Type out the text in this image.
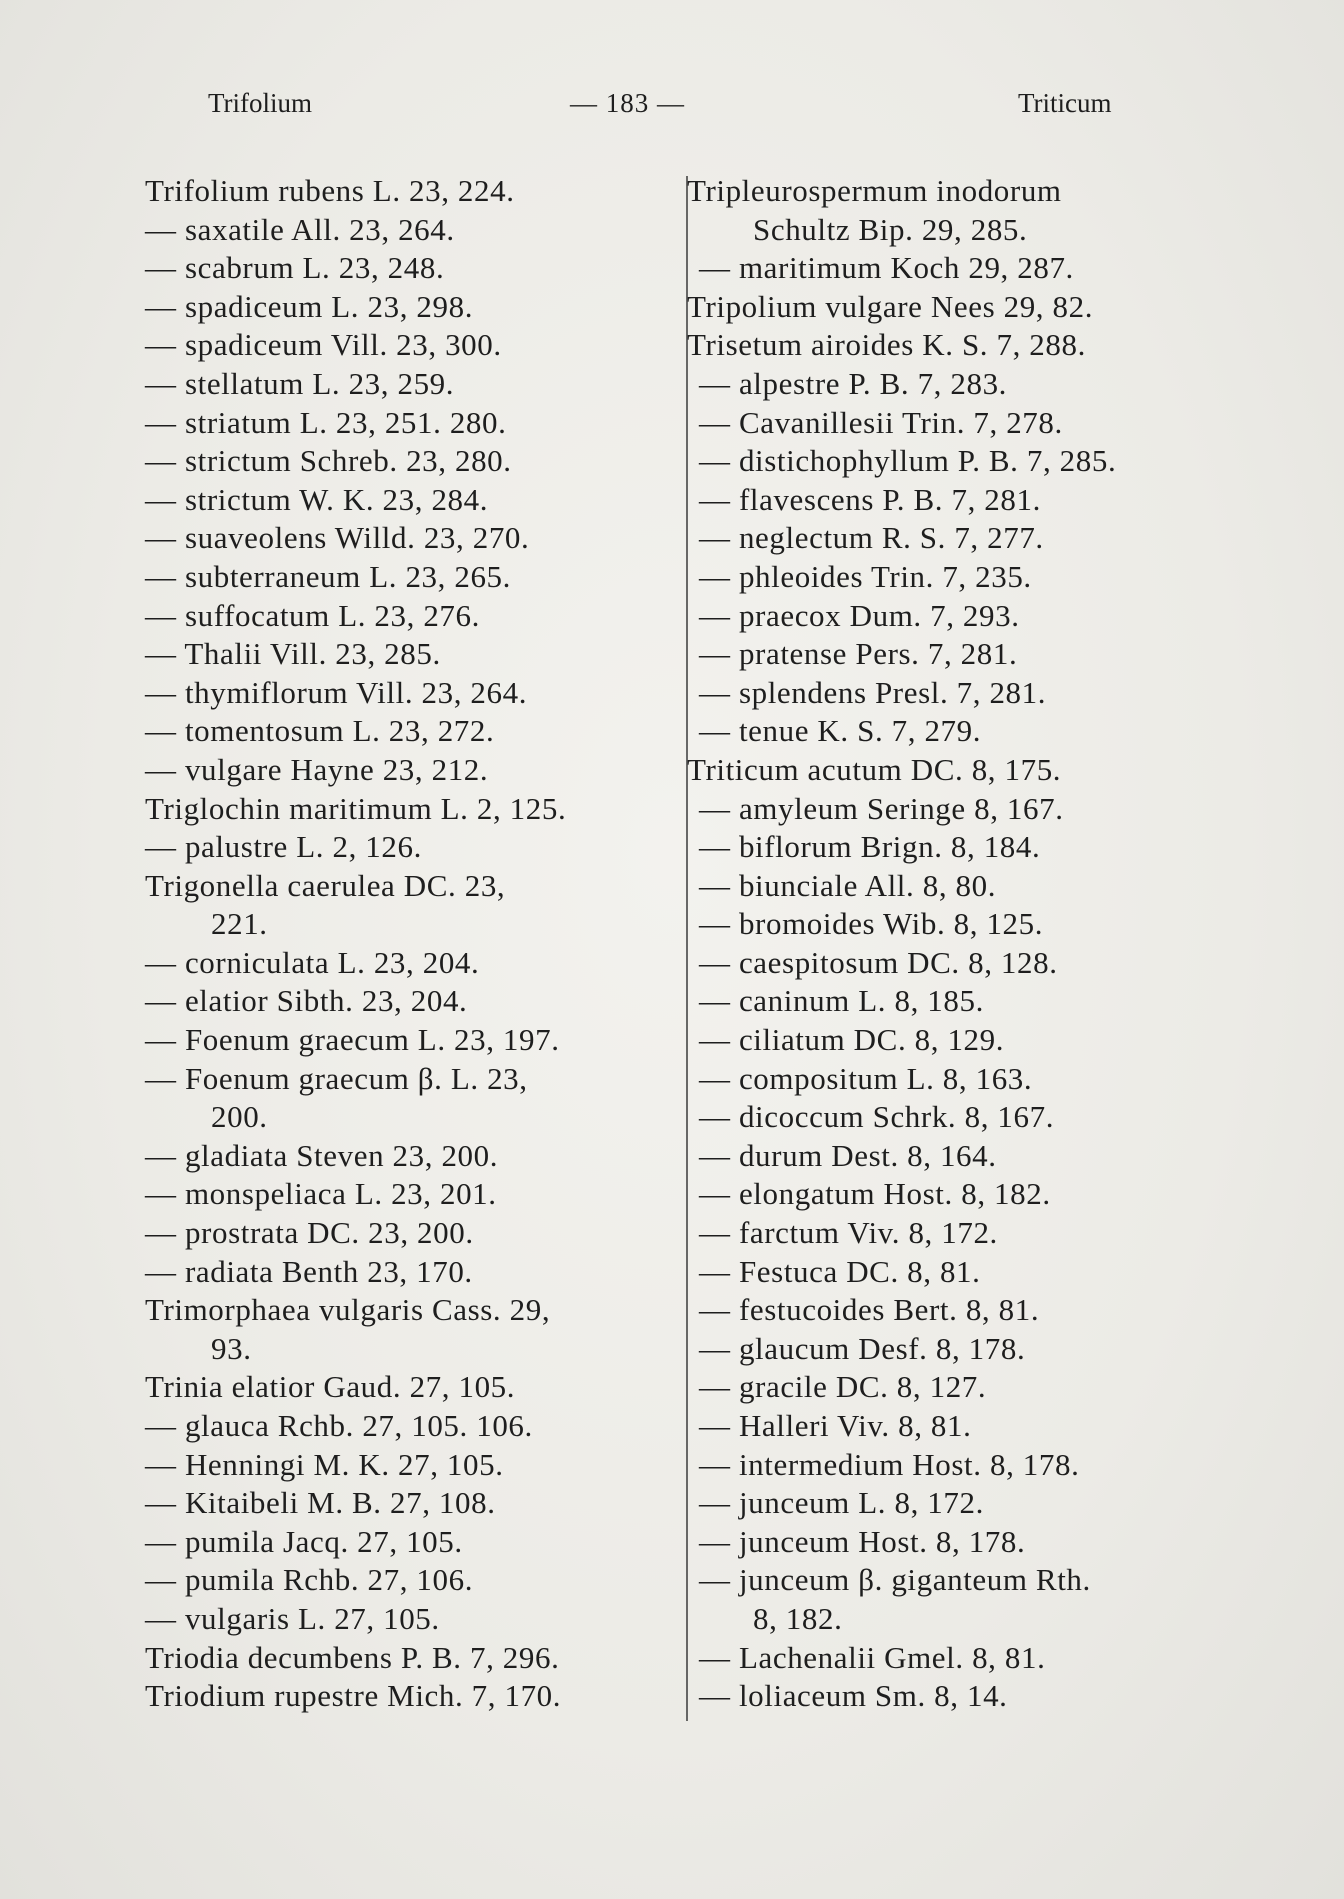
Trifolium	— 183 —	Triticum
Trifolium rubens L. 23, 224.
— saxatile All. 23, 264.
— scabrum L. 23, 248.
— spadiceum L. 23, 298.
— spadiceum Vill. 23, 300.
— stellatum L. 23, 259.
— striatum L. 23, 251. 280.
— strictum Schreb. 23, 280.
— strictum W. K. 23, 284.
— suaveolens Willd. 23, 270.
— subterraneum L. 23, 265.
— suffocatum L. 23, 276.
— Thalii Vill. 23, 285.
— thymiflorum Vill. 23, 264.
— tomentosum L. 23, 272.
— vulgare Hayne 23, 212.
Triglochin maritimum L. 2, 125.
— palustre L. 2, 126.
Trigonella caerulea DC. 23,
221.
— corniculata L. 23, 204.
— elatior Sibth. 23, 204.
— Foenum graecum L. 23, 197.
— Foenum graecum β. L. 23,
200.
— gladiata Steven 23, 200.
— monspeliaca L. 23, 201.
— prostrata DC. 23, 200.
— radiata Benth 23, 170.
Trimorphaea vulgaris Cass. 29,
93.
Trinia elatior Gaud. 27, 105.
— glauca Rchb. 27, 105. 106.
— Henningi M. K. 27, 105.
— Kitaibeli M. B. 27, 108.
— pumila Jacq. 27, 105.
— pumila Rchb. 27, 106.
— vulgaris L. 27, 105.
Triodia decumbens P. B. 7, 296.
Triodium rupestre Mich. 7, 170.
Tripleurospermum inodorum
Schultz Bip. 29, 285.
— maritimum Koch 29, 287.
Tripolium vulgare Nees 29, 82.
Trisetum airoides K. S. 7, 288.
— alpestre P. B. 7, 283.
— Cavanillesii Trin. 7, 278.
— distichophyllum P. B. 7, 285.
— flavescens P. B. 7, 281.
— neglectum R. S. 7, 277.
— phleoides Trin. 7, 235.
— praecox Dum. 7, 293.
— pratense Pers. 7, 281.
— splendens Presl. 7, 281.
— tenue K. S. 7, 279.
Triticum acutum DC. 8, 175.
— amyleum Seringe 8, 167.
— biflorum Brign. 8, 184.
— biunciale All. 8, 80.
— bromoides Wib. 8, 125.
— caespitosum DC. 8, 128.
— caninum L. 8, 185.
— ciliatum DC. 8, 129.
— compositum L. 8, 163.
— dicoccum Schrk. 8, 167.
— durum Dest. 8, 164.
— elongatum Host. 8, 182.
— farctum Viv. 8, 172.
— Festuca DC. 8, 81.
— festucoides Bert. 8, 81.
— glaucum Desf. 8, 178.
— gracile DC. 8, 127.
— Halleri Viv. 8, 81.
— intermedium Host. 8, 178.
— junceum L. 8, 172.
— junceum Host. 8, 178.
— junceum β. giganteum Rth.
8, 182.
— Lachenalii Gmel. 8, 81.
— loliaceum Sm. 8, 14.
